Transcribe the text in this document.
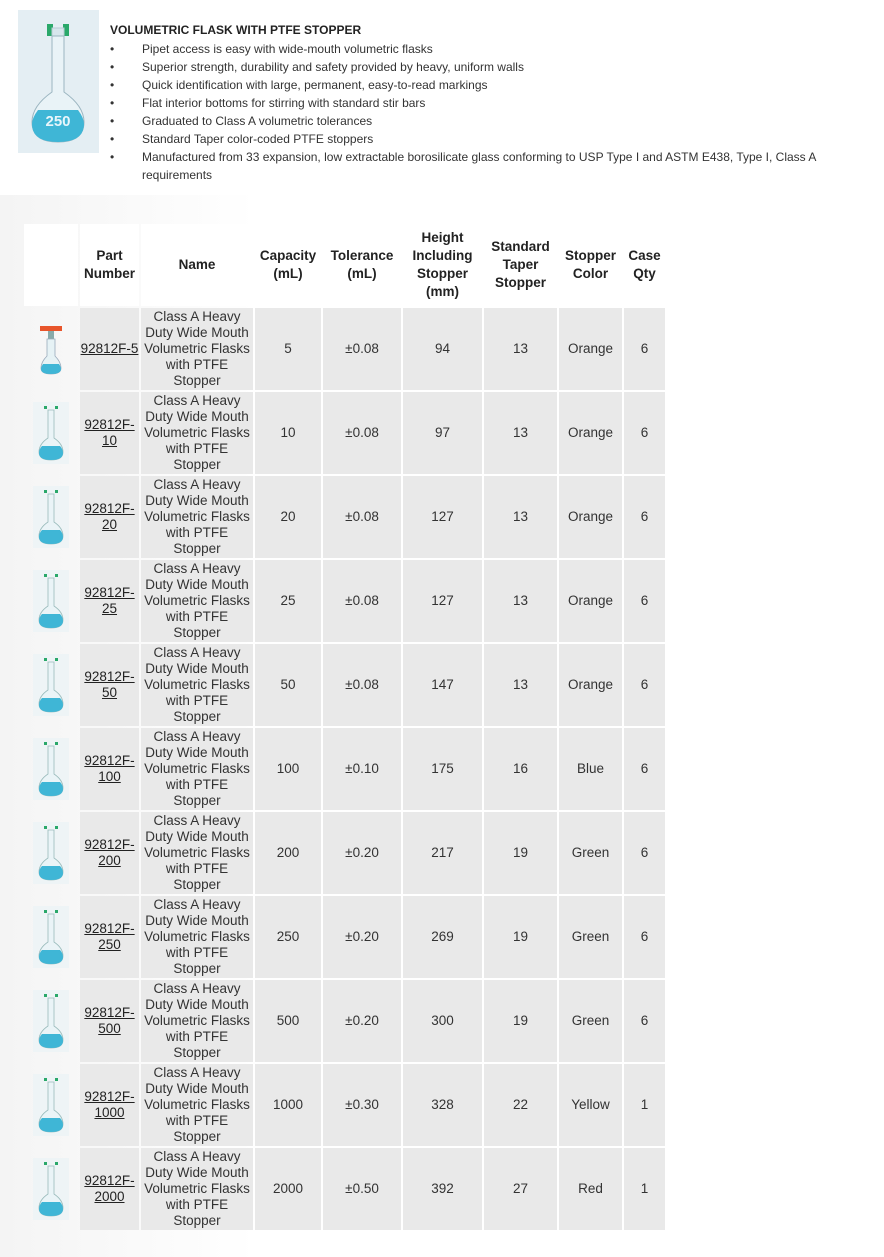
250
VOLUMETRIC FLASK WITH PTFE STOPPER
• Pipet access is easy with wide-mouth volumetric flasks
• Superior strength, durability and safety provided by heavy, uniform walls
• Quick identification with large, permanent, easy-to-read markings
• Flat interior bottoms for stirring with standard stir bars
• Graduated to Class A volumetric tolerances
• Standard Taper color-coded PTFE stoppers
• Manufactured from 33 expansion, low extractable borosilicate glass conforming to USP Type I and ASTM E438, Type I, Class A requirements
	Part Number	Name	Capacity (mL)	Tolerance (mL)	Height Including Stopper (mm)	Standard Taper Stopper	Stopper Color	Case Qty

	92812F-5	Class A Heavy Duty Wide Mouth Volumetric Flasks with PTFE Stopper	5	±0.08	94	13	Orange	6

	92812F-10	Class A Heavy Duty Wide Mouth Volumetric Flasks with PTFE Stopper	10	±0.08	97	13	Orange	6

	92812F-20	Class A Heavy Duty Wide Mouth Volumetric Flasks with PTFE Stopper	20	±0.08	127	13	Orange	6

	92812F-25	Class A Heavy Duty Wide Mouth Volumetric Flasks with PTFE Stopper	25	±0.08	127	13	Orange	6

	92812F-50	Class A Heavy Duty Wide Mouth Volumetric Flasks with PTFE Stopper	50	±0.08	147	13	Orange	6

	92812F-100	Class A Heavy Duty Wide Mouth Volumetric Flasks with PTFE Stopper	100	±0.10	175	16	Blue	6

	92812F-200	Class A Heavy Duty Wide Mouth Volumetric Flasks with PTFE Stopper	200	±0.20	217	19	Green	6

	92812F-250	Class A Heavy Duty Wide Mouth Volumetric Flasks with PTFE Stopper	250	±0.20	269	19	Green	6

	92812F-500	Class A Heavy Duty Wide Mouth Volumetric Flasks with PTFE Stopper	500	±0.20	300	19	Green	6

	92812F-1000	Class A Heavy Duty Wide Mouth Volumetric Flasks with PTFE Stopper	1000	±0.30	328	22	Yellow	1

	92812F-2000	Class A Heavy Duty Wide Mouth Volumetric Flasks with PTFE Stopper	2000	±0.50	392	27	Red	1
